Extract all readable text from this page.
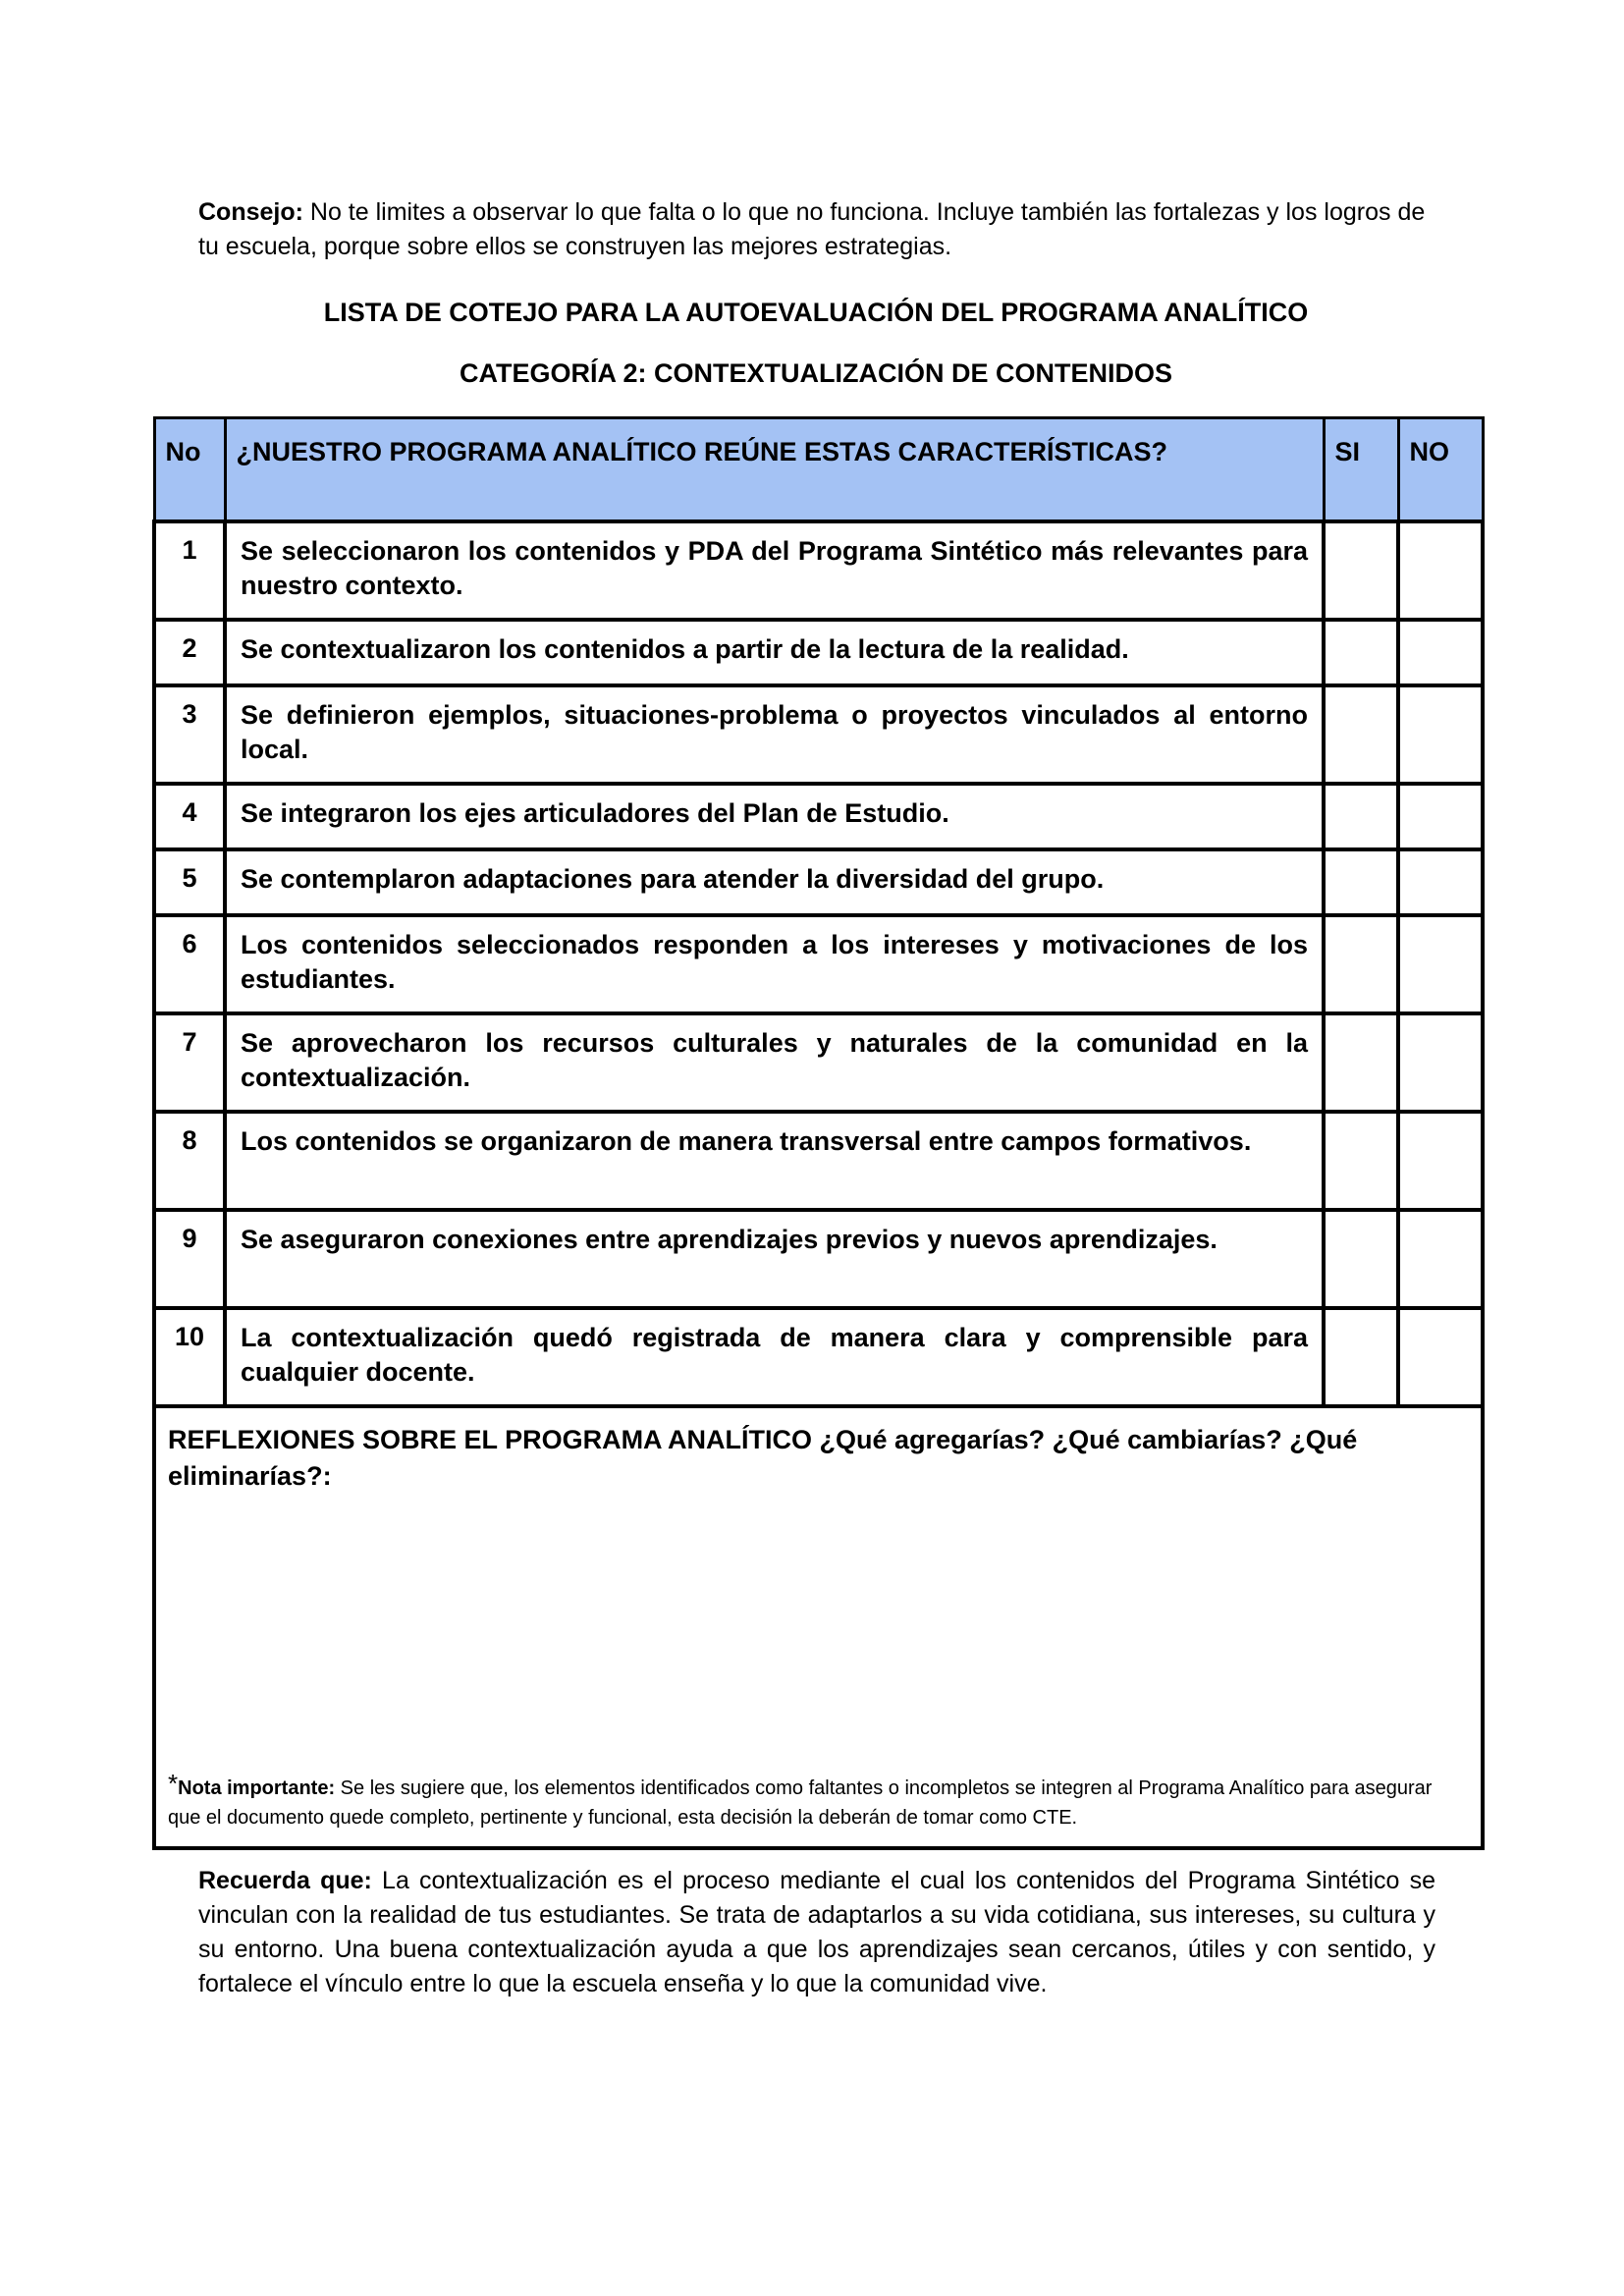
Consejo: No te limites a observar lo que falta o lo que no funciona. Incluye también las fortalezas y los logros de tu escuela, porque sobre ellos se construyen las mejores estrategias.
LISTA DE COTEJO PARA LA AUTOEVALUACIÓN DEL PROGRAMA ANALÍTICO
CATEGORÍA 2: CONTEXTUALIZACIÓN DE CONTENIDOS
No	¿NUESTRO PROGRAMA ANALÍTICO REÚNE ESTAS CARACTERÍSTICAS?	SI	NO
1	Se seleccionaron los contenidos y PDA del Programa Sintético más relevantes para nuestro contexto.		
2	Se contextualizaron los contenidos a partir de la lectura de la realidad.		
3	Se definieron ejemplos, situaciones-problema o proyectos vinculados al entorno local.		
4	Se integraron los ejes articuladores del Plan de Estudio.		
5	Se contemplaron adaptaciones para atender la diversidad del grupo.		
6	Los contenidos seleccionados responden a los intereses y motivaciones de los estudiantes.		
7	Se aprovecharon los recursos culturales y naturales de la comunidad en la contextualización.		
8	Los contenidos se organizaron de manera transversal entre campos formativos.		
9	Se aseguraron conexiones entre aprendizajes previos y nuevos aprendizajes.		
10	La contextualización quedó registrada de manera clara y comprensible para cualquier docente.		

REFLEXIONES SOBRE EL PROGRAMA ANALÍTICO ¿Qué agregarías? ¿Qué cambiarías? ¿Qué eliminarías?:
*Nota importante: Se les sugiere que, los elementos identificados como faltantes o incompletos se integren al Programa Analítico para asegurar que el documento quede completo, pertinente y funcional, esta decisión la deberán de tomar como CTE.			
Recuerda que: La contextualización es el proceso mediante el cual los contenidos del Programa Sintético se vinculan con la realidad de tus estudiantes. Se trata de adaptarlos a su vida cotidiana, sus intereses, su cultura y su entorno. Una buena contextualización ayuda a que los aprendizajes sean cercanos, útiles y con sentido, y fortalece el vínculo entre lo que la escuela enseña y lo que la comunidad vive.
